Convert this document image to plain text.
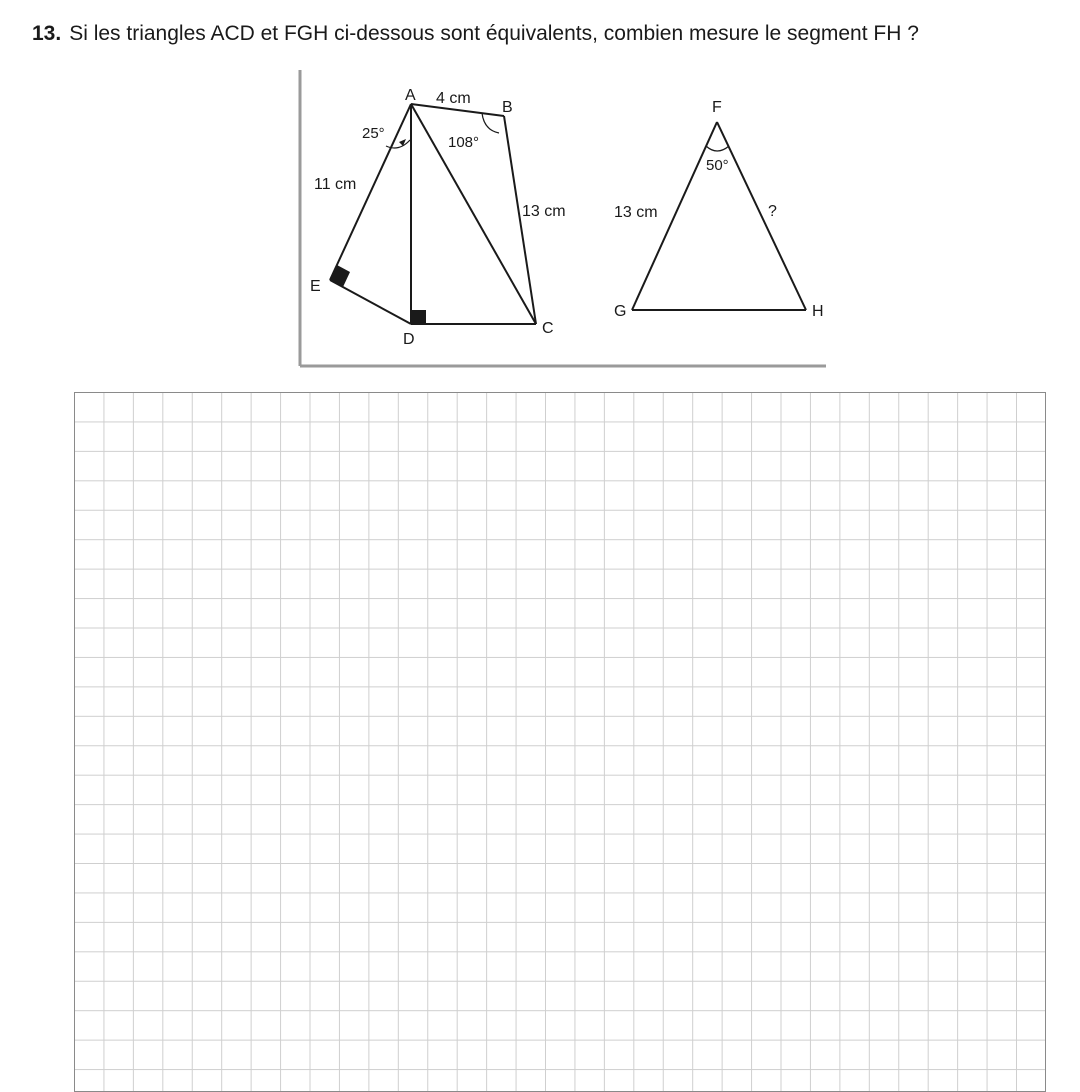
13. Si les triangles ACD et FGH ci-dessous sont équivalents, combien mesure le segment FH ?
A
B
C
D
E
4 cm
11 cm
13 cm
25°
108°
F
G	H
13 cm	?
50°
